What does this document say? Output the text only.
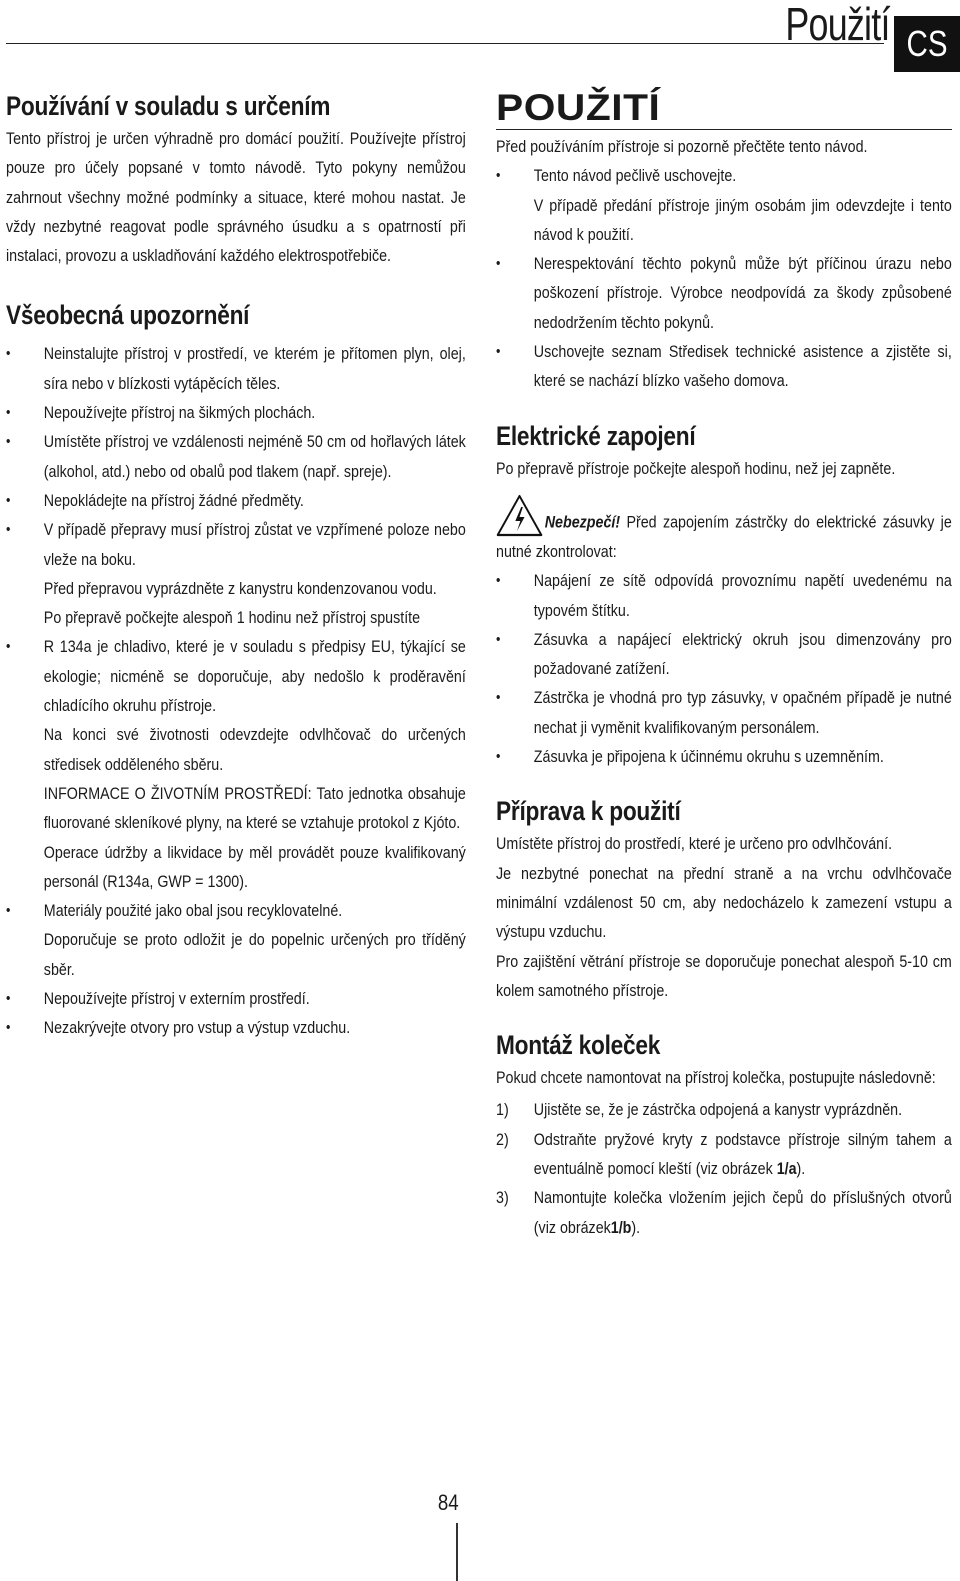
Použití CS
Používání v souladu s určením

Tento přístroj je určen výhradně pro domácí použití. Používejte přístroj pouze pro účely popsané v tomto návodě. Tyto pokyny nemůžou zahrnout všechny možné podmínky a situace, které mohou nastat. Je vždy nezbytné reagovat podle správného úsudku a s opatrností při instalaci, provozu a uskladňování každého elektrospotřebiče.

Všeobecná upozornění
• Neinstalujte přístroj v prostředí, ve kterém je přítomen plyn, olej, síra nebo v blízkosti vytápěcích těles.
• Nepoužívejte přístroj na šikmých plochách.
• Umístěte přístroj ve vzdálenosti nejméně 50 cm od hořlavých látek (alkohol, atd.) nebo od obalů pod tlakem (např. spreje).
• Nepokládejte na přístroj žádné předměty.
• V případě přepravy musí přístroj zůstat ve vzpřímené poloze nebo vleže na boku.
Před přepravou vyprázdněte z kanystru kondenzovanou vodu.
Po přepravě počkejte alespoň 1 hodinu než přístroj spustíte
• R 134a je chladivo, které je v souladu s předpisy EU, týkající se ekologie; nicméně se doporučuje, aby nedošlo k proděravění chladícího okruhu přístroje.
Na konci své životnosti odevzdejte odvlhčovač do určených středisek odděleného sběru.
INFORMACE O ŽIVOTNÍM PROSTŘEDÍ: Tato jednotka obsahuje fluorované skleníkové plyny, na které se vztahuje protokol z Kjóto.
Operace údržby a likvidace by měl provádět pouze kvalifikovaný personál (R134a, GWP = 1300).
• Materiály použité jako obal jsou recyklovatelné.
Doporučuje se proto odložit je do popelnic určených pro tříděný sběr.
• Nepoužívejte přístroj v externím prostředí.
• Nezakrývejte otvory pro vstup a výstup vzduchu.
POUŽITÍ

Před používáním přístroje si pozorně přečtěte tento návod.

• Tento návod pečlivě uschovejte.
V případě předání přístroje jiným osobám jim odevzdejte i tento návod k použití.
• Nerespektování těchto pokynů může být příčinou úrazu nebo poškození přístroje. Výrobce neodpovídá za škody způsobené nedodržením těchto pokynů.
• Uschovejte seznam Středisek technické asistence a zjistěte si, které se nachází blízko vašeho domova.
Elektrické zapojení

Po přepravě přístroje počkejte alespoň hodinu, než jej zapněte.

Nebezpečí! Před zapojením zástrčky do elektrické zásuvky je nutné zkontrolovat:

• Napájení ze sítě odpovídá provoznímu napětí uvedenému na typovém štítku.
• Zásuvka a napájecí elektrický okruh jsou dimenzovány pro požadované zatížení.
• Zástrčka je vhodná pro typ zásuvky, v opačném případě je nutné nechat ji vyměnit kvalifikovaným personálem.
• Zásuvka je připojena k účinnému okruhu s uzemněním.
Příprava k použití

Umístěte přístroj do prostředí, které je určeno pro odvlhčování.

Je nezbytné ponechat na přední straně a na vrchu odvlhčovače minimální vzdálenost 50 cm, aby nedocházelo k zamezení vstupu a výstupu vzduchu.

Pro zajištění větrání přístroje se doporučuje ponechat alespoň 5-10 cm kolem samotného přístroje.

Montáž koleček

Pokud chcete namontovat na přístroj kolečka, postupujte následovně:

1) Ujistěte se, že je zástrčka odpojená a kanystr vyprázdněn.
2) Odstraňte pryžové kryty z podstavce přístroje silným tahem a eventuálně pomocí kleští (viz obrázek 1/a).
3) Namontujte kolečka vložením jejich čepů do příslušných otvorů (viz obrázek1/b).
84
